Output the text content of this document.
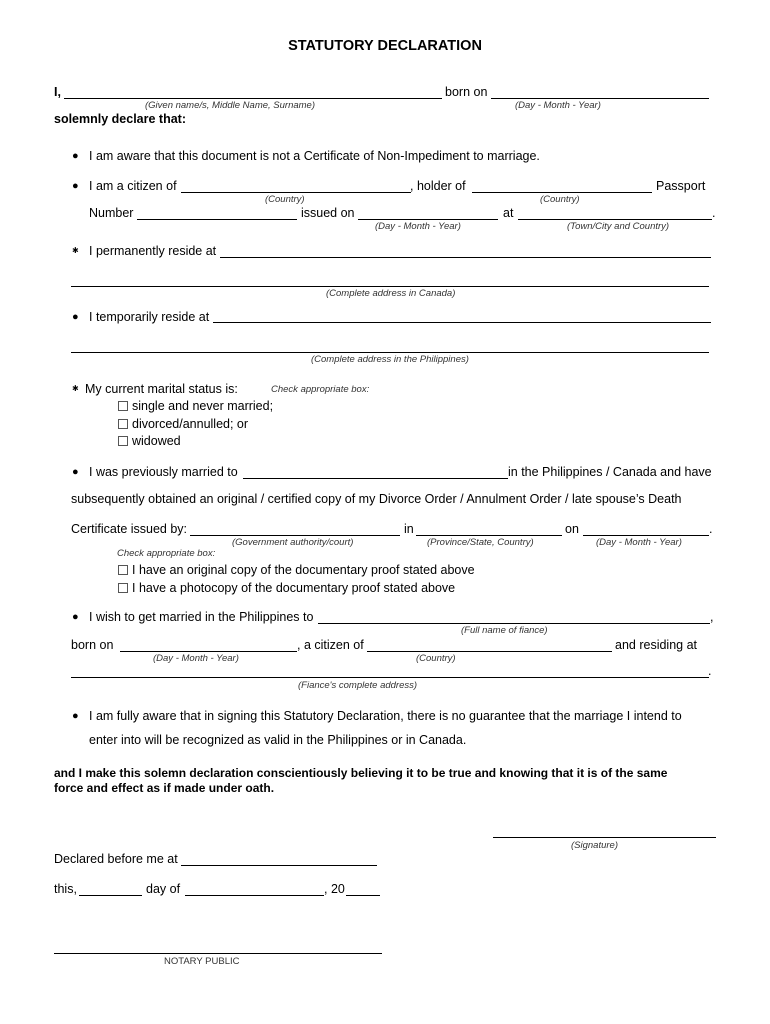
STATUTORY DECLARATION
I,	born on
(Given name/s, Middle Name, Surname)	(Day - Month - Year)
solemnly declare that:
● I am aware that this document is not a Certificate of Non-Impediment to marriage.
● I am a citizen of	, holder of	Passport
(Country)	(Country)
Number	issued on	at	.
(Day - Month - Year)	(Town/City and Country)
✱ I permanently reside at
(Complete address in Canada)
● I temporarily reside at
(Complete address in the Philippines)
✱ My current marital status is:	Check appropriate box:
single and never married;
divorced/annulled; or
widowed
● I was previously married to	in the Philippines / Canada and have
subsequently obtained an original / certified copy of my Divorce Order / Annulment Order / late spouse’s Death
Certificate issued by:	in	on	.
(Government authority/court)	(Province/State, Country)	(Day - Month - Year)
Check appropriate box:
I have an original copy of the documentary proof stated above
I have a photocopy of the documentary proof stated above
● I wish to get married in the Philippines to	,
(Full name of fiance)
born on	, a citizen of	and residing at
(Day - Month - Year)	(Country)
.
(Fiance's complete address)
● I am fully aware that in signing this Statutory Declaration, there is no guarantee that the marriage I intend to
enter into will be recognized as valid in the Philippines or in Canada.
and I make this solemn declaration conscientiously believing it to be true and knowing that it is of the same
force and effect as if made under oath.
(Signature)
Declared before me at
this,	day of	, 20
NOTARY PUBLIC
